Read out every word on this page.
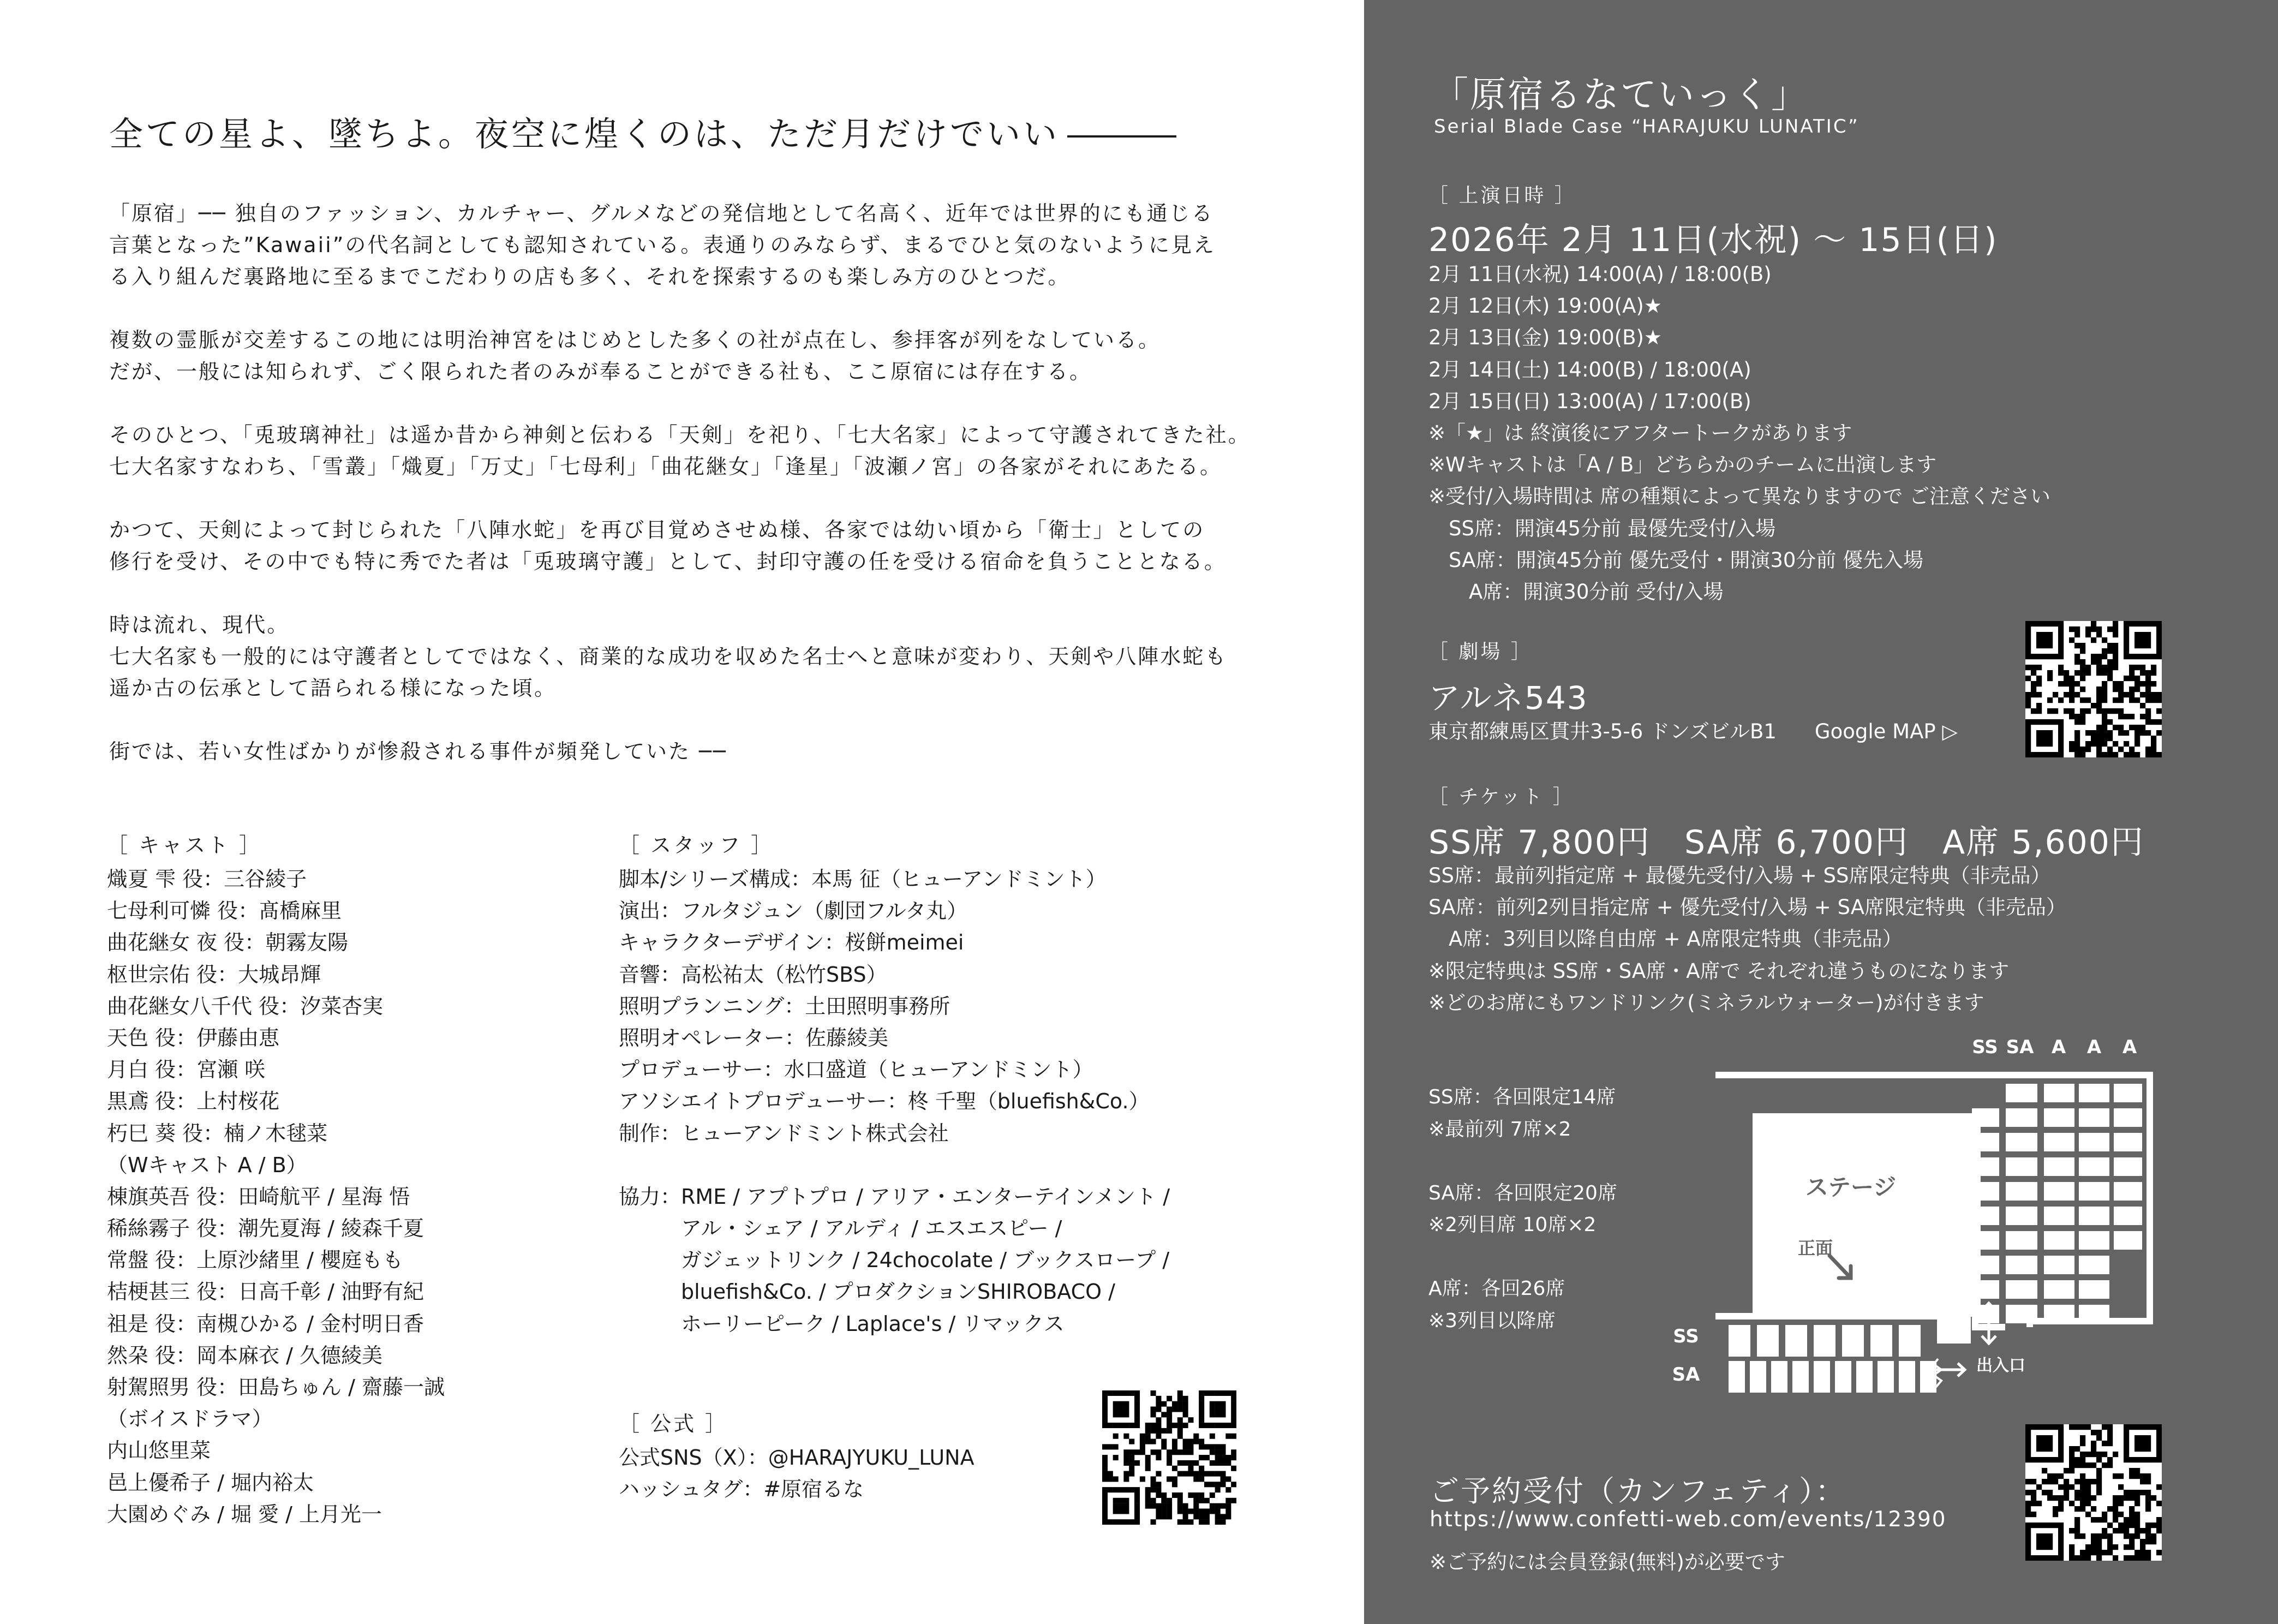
全ての星よ、墜ちよ。夜空に煌くのは、ただ月だけでいい

「原宿」── 独自のファッション、カルチャー、グルメなどの発信地として名高く、近年では世界的にも通じる
言葉となった”Kawaii”の代名詞としても認知されている。表通りのみならず、まるでひと気のないように見え
る入り組んだ裏路地に至るまでこだわりの店も多く、それを探索するのも楽しみ方のひとつだ。

複数の霊脈が交差するこの地には明治神宮をはじめとした多くの社が点在し、参拝客が列をなしている。
だが、一般には知られず、ごく限られた者のみが奉ることができる社も、ここ原宿には存在する。

そのひとつ、「兎玻璃神社」は遥か昔から神剣と伝わる「天剣」を祀り、「七大名家」によって守護されてきた社。
七大名家すなわち、「雪叢」「熾夏」「万丈」「七母利」「曲花継女」「逢星」「波瀬ノ宮」の各家がそれにあたる。

かつて、天剣によって封じられた「八陣水蛇」を再び目覚めさせぬ様、各家では幼い頃から「衛士」としての
修行を受け、その中でも特に秀でた者は「兎玻璃守護」として、封印守護の任を受ける宿命を負うこととなる。

時は流れ、現代。
七大名家も一般的には守護者としてではなく、商業的な成功を収めた名士へと意味が変わり、天剣や八陣水蛇も
遥か古の伝承として語られる様になった頃。

街では、若い女性ばかりが惨殺される事件が頻発していた ──

［ キャスト ］
熾夏 雫 役：三谷綾子
七母利可憐 役：髙橋麻里
曲花継女 夜 役：朝霧友陽
枢世宗佑 役：大城昂輝
曲花継女八千代 役：汐菜杏実
天色 役：伊藤由恵
月白 役：宮瀬 咲
黒鳶 役：上村桜花
朽巳 葵 役：楠ノ木毬菜
（Wキャスト A / B）
棟旗英吾 役：田崎航平 / 星海 悟
稀絲霧子 役：潮先夏海 / 綾森千夏
常盤 役：上原沙緒里 / 櫻庭もも
桔梗甚三 役：日高千彰 / 油野有紀
祖是 役：南槻ひかる / 金村明日香
然朶 役：岡本麻衣 / 久德綾美
射駕照男 役：田島ちゅん / 齋藤一誠
（ボイスドラマ）
内山悠里菜
邑上優希子 / 堀内裕太
大園めぐみ / 堀 愛 / 上月光一
［ スタッフ ］
脚本/シリーズ構成：本馬 征（ヒューアンドミント）
演出：フルタジュン（劇団フルタ丸）
キャラクターデザイン：桜餅meimei
音響：高松祐太（松竹SBS）
照明プランニング：土田照明事務所
照明オペレーター：佐藤綾美
プロデューサー：水口盛道（ヒューアンドミント）
アソシエイトプロデューサー：柊 千聖（bluefish&Co.）
制作：ヒューアンドミント株式会社
協力：RME / アプトプロ / アリア・エンターテインメント /
　　　アル・シェア / アルディ / エスエスピー /
　　　ガジェットリンク / 24chocolate / ブックスロープ /
　　　bluefish&Co. / プロダクションSHIROBACO /
　　　ホーリーピーク / Laplace's / リマックス
［ 公式 ］
公式SNS（X）：@HARAJYUKU_LUNA
ハッシュタグ：#原宿るな
「原宿るなていっく」
Serial Blade Case “HARAJUKU LUNATIC”
［ 上演日時 ］
2026年 2月 11日(水祝) ～ 15日(日)
2月 11日(水祝) 14:00(A) / 18:00(B)
2月 12日(木) 19:00(A)★
2月 13日(金) 19:00(B)★
2月 14日(土) 14:00(B) / 18:00(A)
2月 15日(日) 13:00(A) / 17:00(B)
※「★」は 終演後にアフタートークがあります
※Wキャストは「A / B」どちらかのチームに出演します
※受付/入場時間は 席の種類によって異なりますので ご注意ください
　SS席：開演45分前 最優先受付/入場
　SA席：開演45分前 優先受付・開演30分前 優先入場
　　A席：開演30分前 受付/入場
［ 劇場 ］
アルネ543
東京都練馬区貫井3-5-6 ドンズビルB1 Google MAP ▷
［ チケット ］
SS席 7,800円　SA席 6,700円　A席 5,600円
SS席：最前列指定席 + 最優先受付/入場 + SS席限定特典（非売品）
SA席：前列2列目指定席 + 優先受付/入場 + SA席限定特典（非売品）
　A席：3列目以降自由席 + A席限定特典（非売品）
※限定特典は SS席・SA席・A席で それぞれ違うものになります
※どのお席にもワンドリンク(ミネラルウォーター)が付きます
SS席：各回限定14席
※最前列 7席×2
SA席：各回限定20席
※2列目席 10席×2
A席：各回26席
※3列目以降席
SS SA A A A
ステージ
正面
出入口
SS
SA
ご予約受付（カンフェティ）：
https://www.confetti-web.com/events/12390
※ご予約には会員登録(無料)が必要です
